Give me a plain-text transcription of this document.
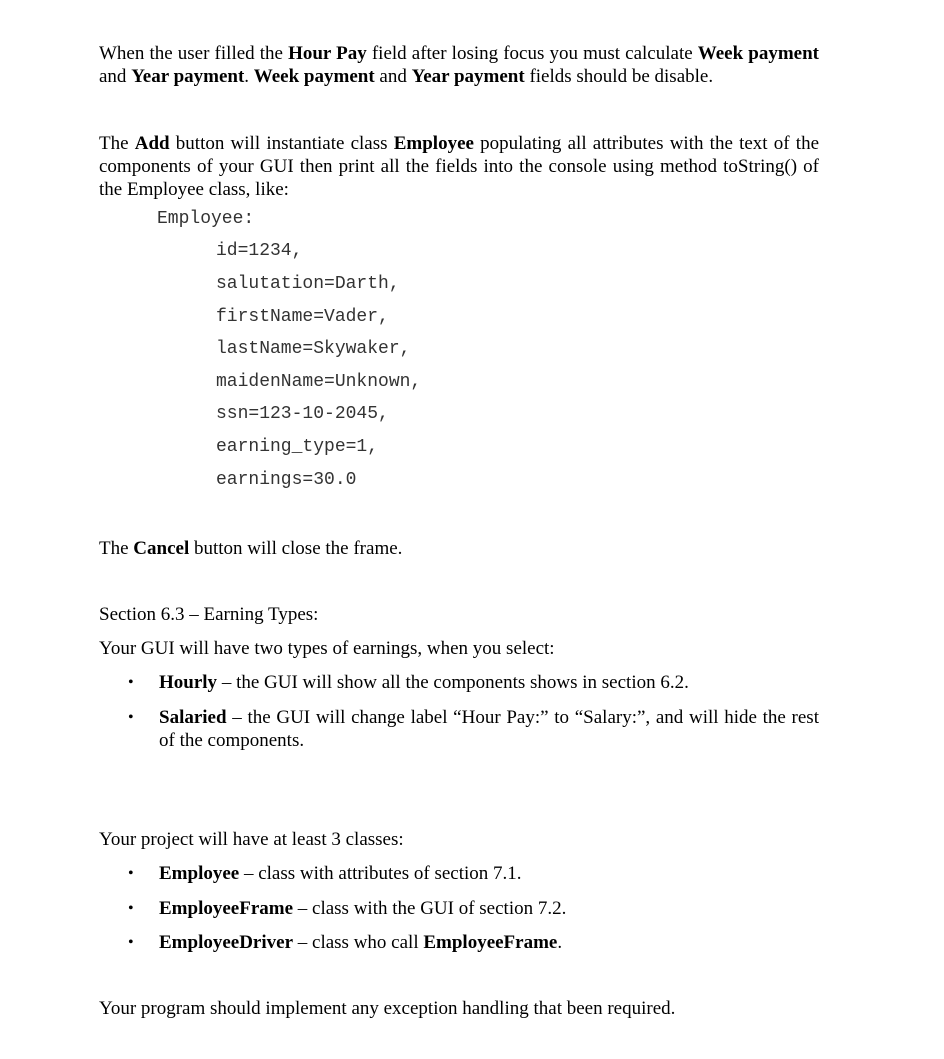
When the user filled the Hour Pay field after losing focus you must calculate Week payment and Year payment. Week payment and Year payment fields should be disable.

The Add button will instantiate class Employee populating all attributes with the text of the components of your GUI then print all the fields into the console using method toString() of the Employee class, like:

Employee:

id=1234,

salutation=Darth,

firstName=Vader,

lastName=Skywaker,

maidenName=Unknown,

ssn=123-10-2045,

earning_type=1,

earnings=30.0

The Cancel button will close the frame.

Section 6.3 – Earning Types:

Your GUI will have two types of earnings, when you select:

• Hourly – the GUI will show all the components shows in section 6.2.

• Salaried – the GUI will change label “Hour Pay:” to “Salary:”, and will hide the rest of the components.

Your project will have at least 3 classes:

• Employee – class with attributes of section 7.1.

• EmployeeFrame – class with the GUI of section 7.2.

• EmployeeDriver – class who call EmployeeFrame.

Your program should implement any exception handling that been required.
